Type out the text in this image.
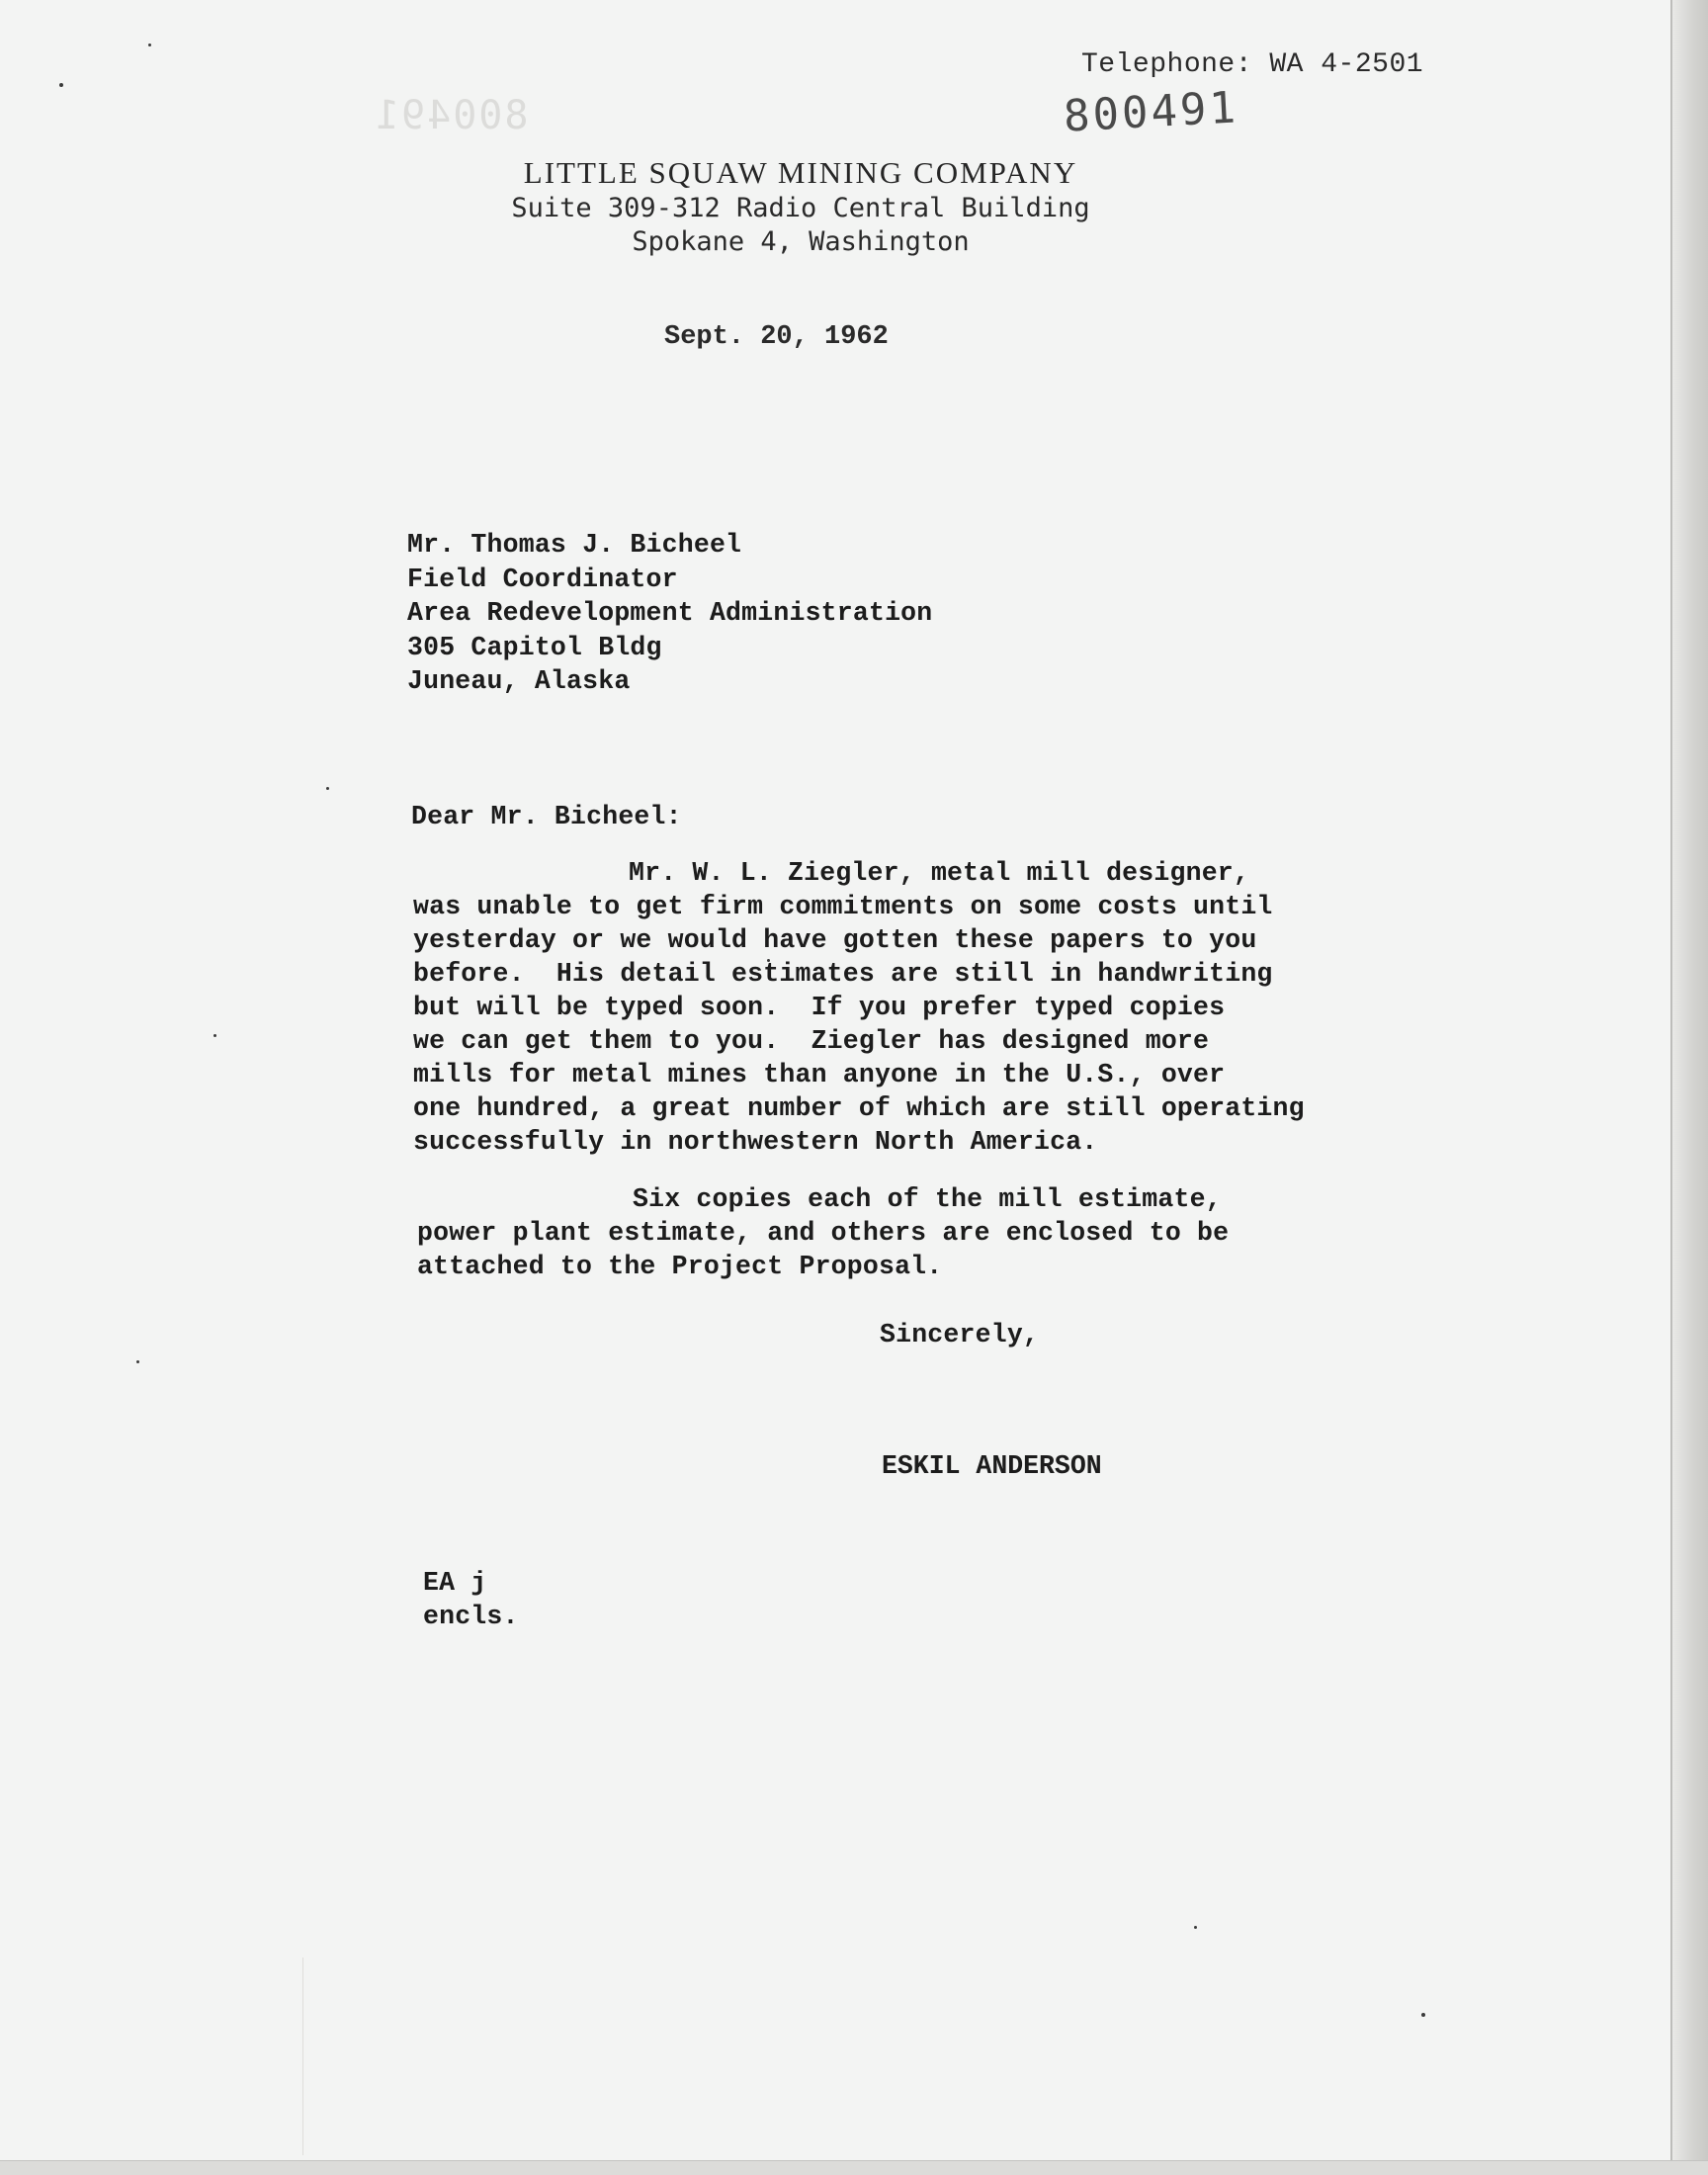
800491
Telephone: WA 4-2501
800491
LITTLE SQUAW MINING COMPANY
Suite 309-312 Radio Central Building
Spokane 4, Washington
Sept. 20, 1962
Mr. Thomas J. Bicheel
Field Coordinator
Area Redevelopment Administration
305 Capitol Bldg
Juneau, Alaska
Dear Mr. Bicheel:
Mr. W. L. Ziegler, metal mill designer,
was unable to get firm commitments on some costs until
yesterday or we would have gotten these papers to you
before.  His detail estimates are still in handwriting
but will be typed soon.  If you prefer typed copies
we can get them to you.  Ziegler has designed more
mills for metal mines than anyone in the U.S., over
one hundred, a great number of which are still operating
successfully in northwestern North America.
Six copies each of the mill estimate,
power plant estimate, and others are enclosed to be
attached to the Project Proposal.
Sincerely,
ESKIL ANDERSON
EA j
encls.
